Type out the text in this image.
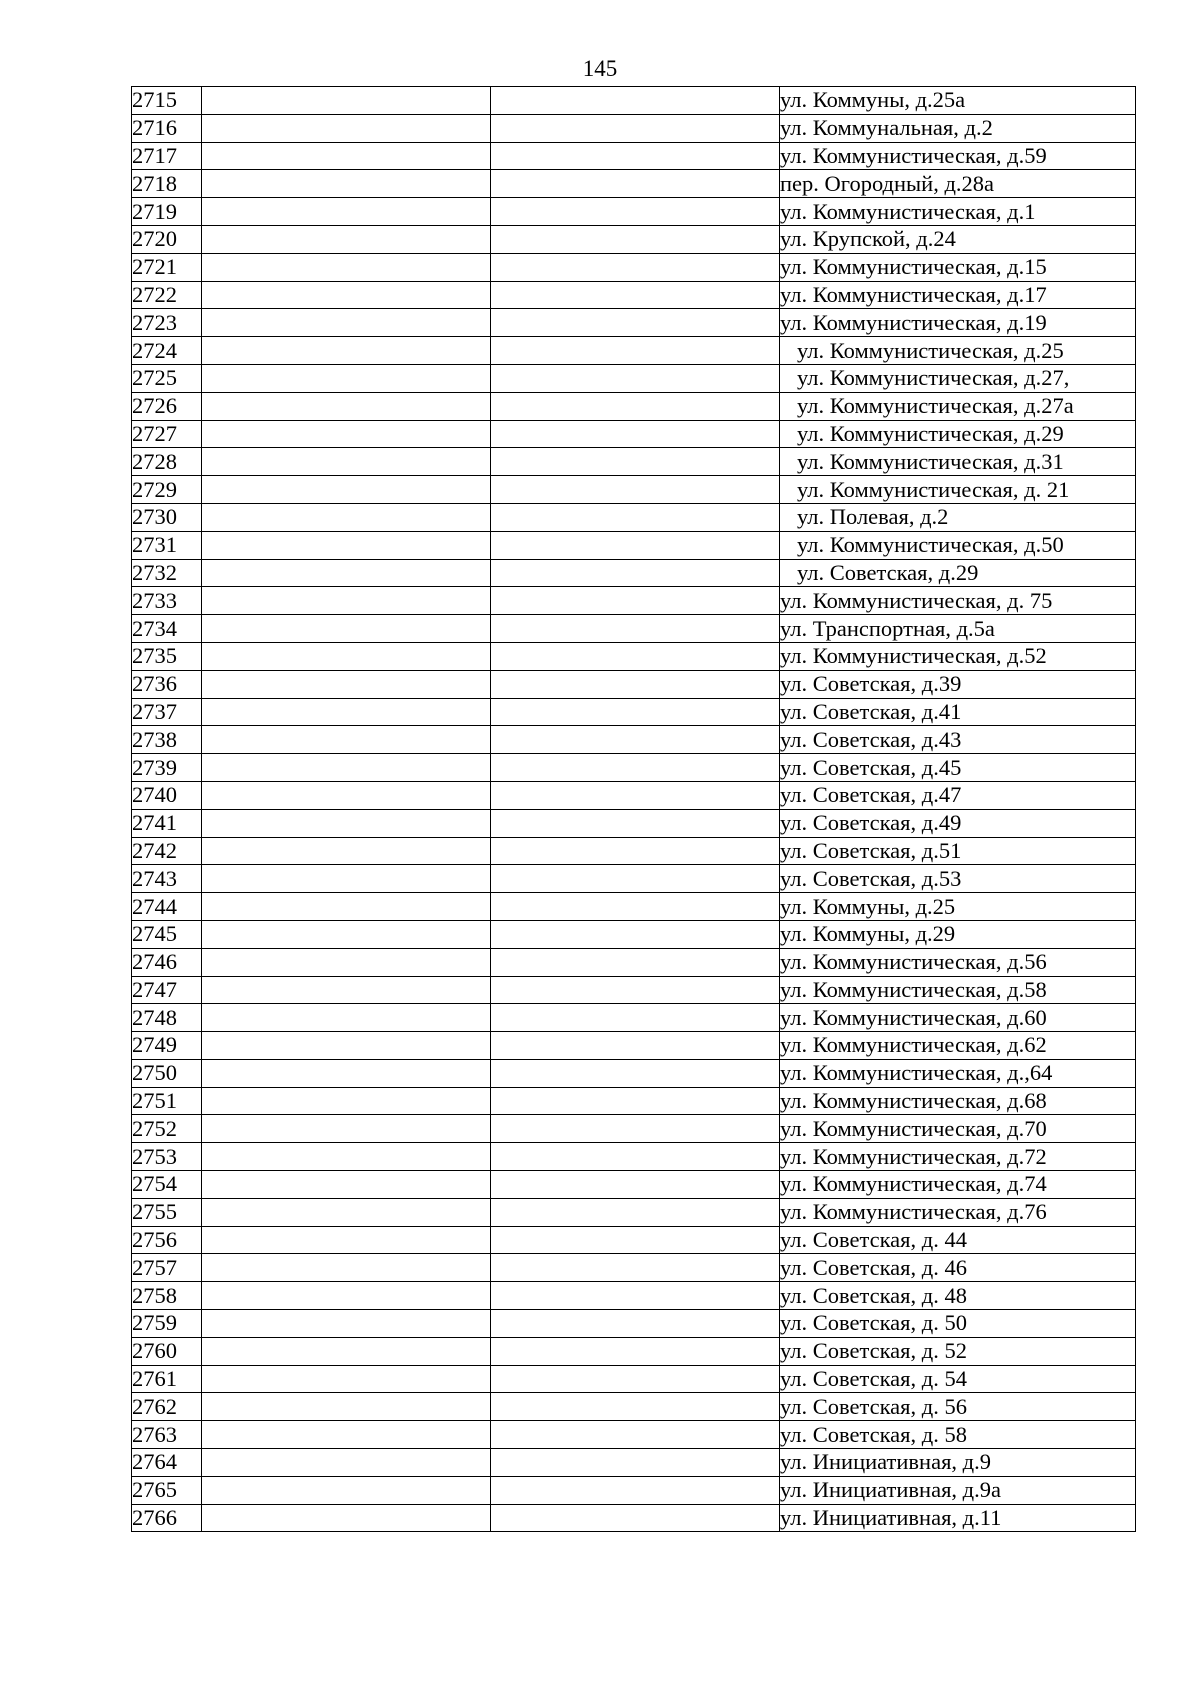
145
2715			ул. Коммуны, д.25а
2716			ул. Коммунальная, д.2
2717			ул. Коммунистическая, д.59
2718			пер. Огородный, д.28а
2719			ул. Коммунистическая, д.1
2720			ул. Крупской, д.24
2721			ул. Коммунистическая, д.15
2722			ул. Коммунистическая, д.17
2723			ул. Коммунистическая, д.19
2724			ул. Коммунистическая, д.25
2725			ул. Коммунистическая, д.27,
2726			ул. Коммунистическая, д.27а
2727			ул. Коммунистическая, д.29
2728			ул. Коммунистическая, д.31
2729			ул. Коммунистическая, д. 21
2730			ул. Полевая, д.2
2731			ул. Коммунистическая, д.50
2732			ул. Советская, д.29
2733			ул. Коммунистическая, д. 75
2734			ул. Транспортная, д.5а
2735			ул. Коммунистическая, д.52
2736			ул. Советская, д.39
2737			ул. Советская, д.41
2738			ул. Советская, д.43
2739			ул. Советская, д.45
2740			ул. Советская, д.47
2741			ул. Советская, д.49
2742			ул. Советская, д.51
2743			ул. Советская, д.53
2744			ул. Коммуны, д.25
2745			ул. Коммуны, д.29
2746			ул. Коммунистическая, д.56
2747			ул. Коммунистическая, д.58
2748			ул. Коммунистическая, д.60
2749			ул. Коммунистическая, д.62
2750			ул. Коммунистическая, д.,64
2751			ул. Коммунистическая, д.68
2752			ул. Коммунистическая, д.70
2753			ул. Коммунистическая, д.72
2754			ул. Коммунистическая, д.74
2755			ул. Коммунистическая, д.76
2756			ул. Советская, д. 44
2757			ул. Советская, д. 46
2758			ул. Советская, д. 48
2759			ул. Советская, д. 50
2760			ул. Советская, д. 52
2761			ул. Советская, д. 54
2762			ул. Советская, д. 56
2763			ул. Советская, д. 58
2764			ул. Инициативная, д.9
2765			ул. Инициативная, д.9а
2766			ул. Инициативная, д.11
